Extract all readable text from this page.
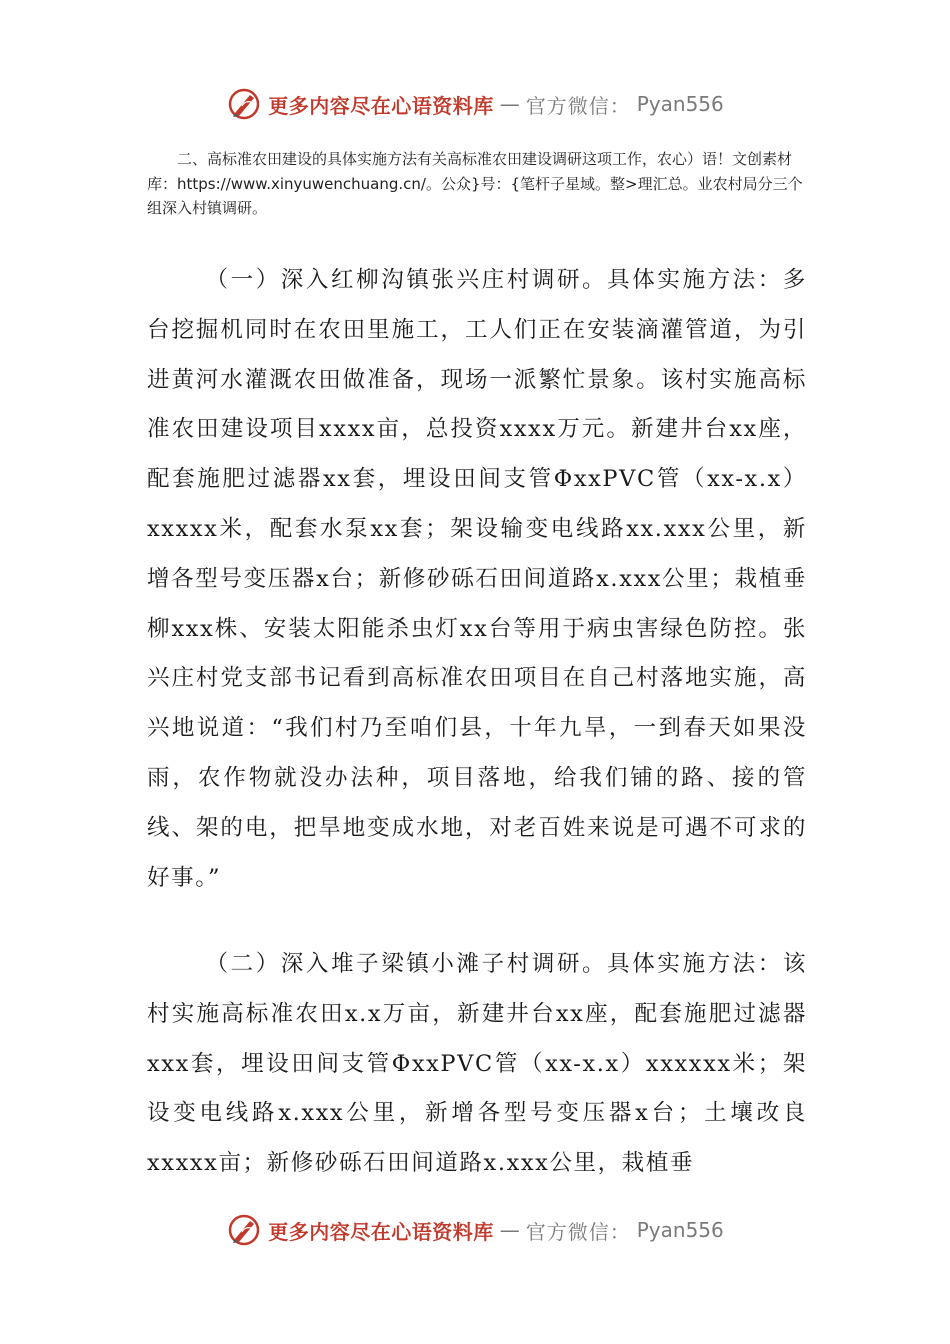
更多内容尽在心语资料库 — 官方微信： Pyan556

二、高标准农田建设的具体实施方法有关高标准农田建设调研这项工作，农心）语！文创素材库：https://www.xinyuwenchuang.cn/。公众}号：{笔杆子星域。整>理汇总。业农村局分三个组深入村镇调研。

（一）深入红柳沟镇张兴庄村调研。具体实施方法：多台挖掘机同时在农田里施工，工人们正在安装滴灌管道，为引进黄河水灌溉农田做准备，现场一派繁忙景象。该村实施高标准农田建设项目xxxx亩，总投资xxxx万元。新建井台xx座，配套施肥过滤器xx套，埋设田间支管ΦxxPVC管（xx-x.x）xxxxx米，配套水泵xx套；架设输变电线路xx.xxx公里，新增各型号变压器x台；新修砂砾石田间道路x.xxx公里；栽植垂柳xxx株、安装太阳能杀虫灯xx台等用于病虫害绿色防控。张兴庄村党支部书记看到高标准农田项目在自己村落地实施，高兴地说道：“我们村乃至咱们县，十年九旱，一到春天如果没雨，农作物就没办法种，项目落地，给我们铺的路、接的管线、架的电，把旱地变成水地，对老百姓来说是可遇不可求的好事。”

（二）深入堆子梁镇小滩子村调研。具体实施方法：该村实施高标准农田x.x万亩，新建井台xx座，配套施肥过滤器xxx套，埋设田间支管ΦxxPVC管（xx-x.x）xxxxxx米；架设变电线路x.xxx公里，新增各型号变压器x台；土壤改良xxxxx亩；新修砂砾石田间道路x.xxx公里，栽植垂

更多内容尽在心语资料库 — 官方微信： Pyan556
